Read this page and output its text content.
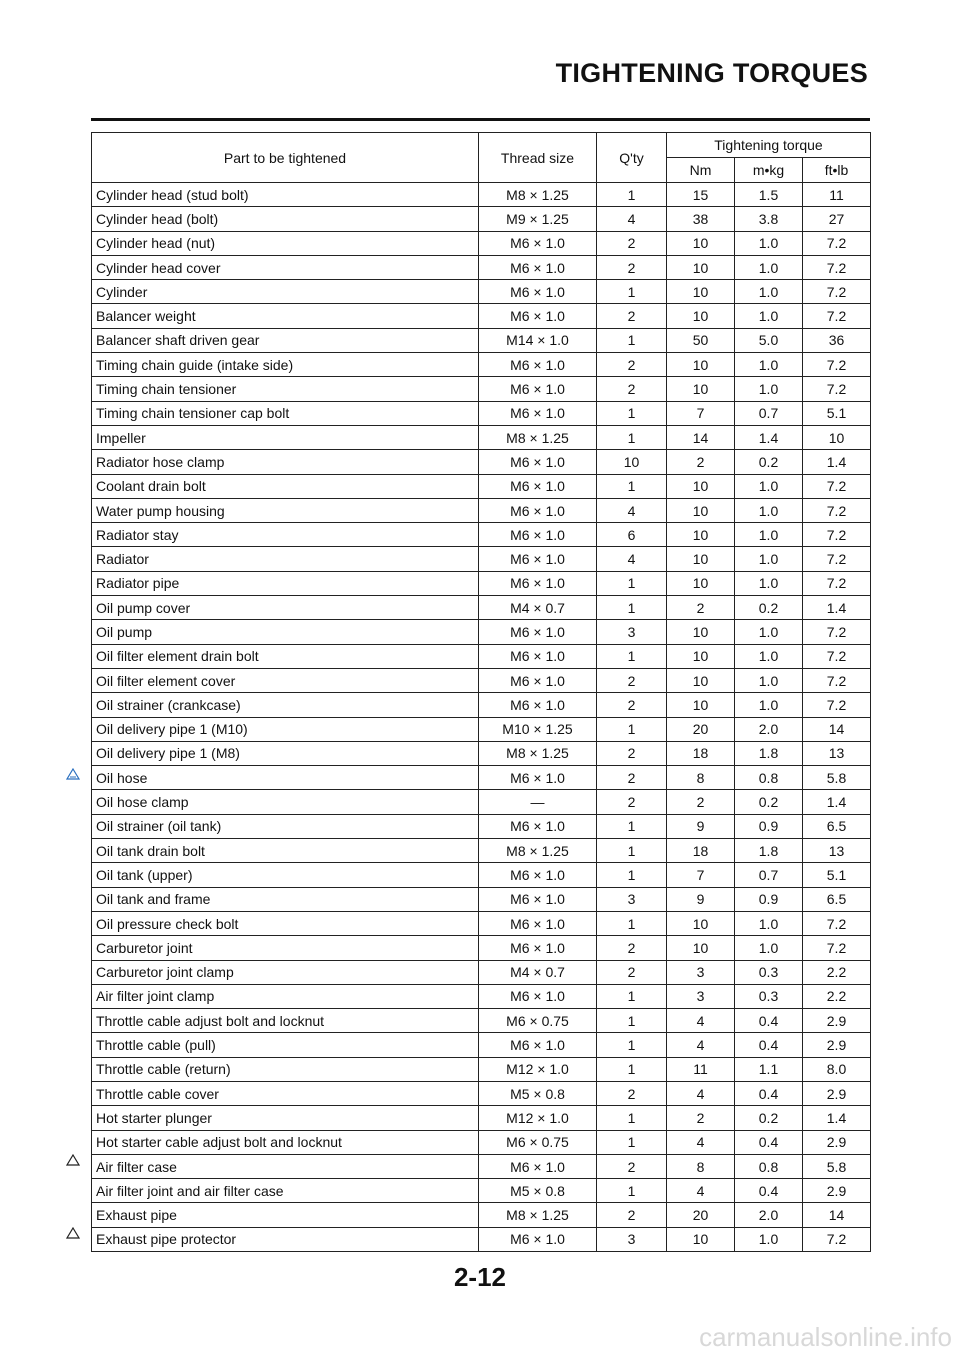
TIGHTENING TORQUES
Part to be tightened	Thread size	Q'ty	Tightening torque		
			Nm	m•kg	ft•lb
Cylinder head (stud bolt)	M8 × 1.25	1	15	1.5	11
Cylinder head (bolt)	M9 × 1.25	4	38	3.8	27
Cylinder head (nut)	M6 × 1.0	2	10	1.0	7.2
Cylinder head cover	M6 × 1.0	2	10	1.0	7.2
Cylinder	M6 × 1.0	1	10	1.0	7.2
Balancer weight	M6 × 1.0	2	10	1.0	7.2
Balancer shaft driven gear	M14 × 1.0	1	50	5.0	36
Timing chain guide (intake side)	M6 × 1.0	2	10	1.0	7.2
Timing chain tensioner	M6 × 1.0	2	10	1.0	7.2
Timing chain tensioner cap bolt	M6 × 1.0	1	7	0.7	5.1
Impeller	M8 × 1.25	1	14	1.4	10
Radiator hose clamp	M6 × 1.0	10	2	0.2	1.4
Coolant drain bolt	M6 × 1.0	1	10	1.0	7.2
Water pump housing	M6 × 1.0	4	10	1.0	7.2
Radiator stay	M6 × 1.0	6	10	1.0	7.2
Radiator	M6 × 1.0	4	10	1.0	7.2
Radiator pipe	M6 × 1.0	1	10	1.0	7.2
Oil pump cover	M4 × 0.7	1	2	0.2	1.4
Oil pump	M6 × 1.0	3	10	1.0	7.2
Oil filter element drain bolt	M6 × 1.0	1	10	1.0	7.2
Oil filter element cover	M6 × 1.0	2	10	1.0	7.2
Oil strainer (crankcase)	M6 × 1.0	2	10	1.0	7.2
Oil delivery pipe 1 (M10)	M10 × 1.25	1	20	2.0	14
Oil delivery pipe 1 (M8)	M8 × 1.25	2	18	1.8	13
Oil hose	M6 × 1.0	2	8	0.8	5.8
Oil hose clamp	—	2	2	0.2	1.4
Oil strainer (oil tank)	M6 × 1.0	1	9	0.9	6.5
Oil tank drain bolt	M8 × 1.25	1	18	1.8	13
Oil tank (upper)	M6 × 1.0	1	7	0.7	5.1
Oil tank and frame	M6 × 1.0	3	9	0.9	6.5
Oil pressure check bolt	M6 × 1.0	1	10	1.0	7.2
Carburetor joint	M6 × 1.0	2	10	1.0	7.2
Carburetor joint clamp	M4 × 0.7	2	3	0.3	2.2
Air filter joint clamp	M6 × 1.0	1	3	0.3	2.2
Throttle cable adjust bolt and locknut	M6 × 0.75	1	4	0.4	2.9
Throttle cable (pull)	M6 × 1.0	1	4	0.4	2.9
Throttle cable (return)	M12 × 1.0	1	11	1.1	8.0
Throttle cable cover	M5 × 0.8	2	4	0.4	2.9
Hot starter plunger	M12 × 1.0	1	2	0.2	1.4
Hot starter cable adjust bolt and locknut	M6 × 0.75	1	4	0.4	2.9
Air filter case	M6 × 1.0	2	8	0.8	5.8
Air filter joint and air filter case	M5 × 0.8	1	4	0.4	2.9
Exhaust pipe	M8 × 1.25	2	20	2.0	14
Exhaust pipe protector	M6 × 1.0	3	10	1.0	7.2
2-12
carmanualsonline.info
